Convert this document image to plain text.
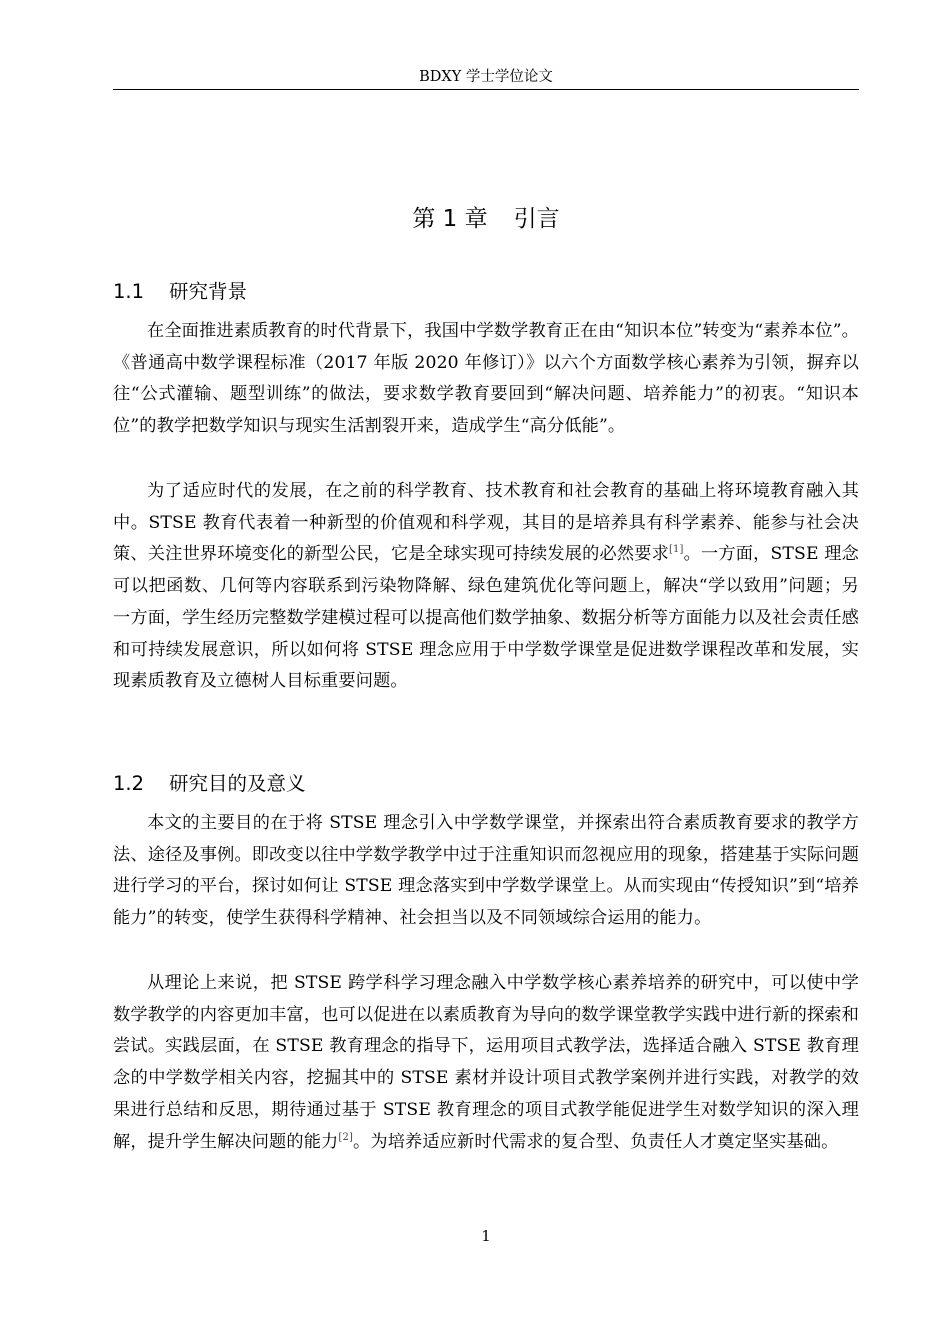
BDXY 学士学位论文
第 1 章 引言
1.1 研究背景

在全面推进素质教育的时代背景下，我国中学数学教育正在由“知识本位”转变为“素养本位”。《普通高中数学课程标准（2017 年版 2020 年修订）》以六个方面数学核心素养为引领，摒弃以往“公式灌输、题型训练”的做法，要求数学教育要回到“解决问题、培养能力”的初衷。“知识本位”的教学把数学知识与现实生活割裂开来，造成学生“高分低能”。

为了适应时代的发展，在之前的科学教育、技术教育和社会教育的基础上将环境教育融入其中。STSE 教育代表着一种新型的价值观和科学观，其目的是培养具有科学素养、能参与社会决策、关注世界环境变化的新型公民，它是全球实现可持续发展的必然要求[1]。一方面，STSE 理念可以把函数、几何等内容联系到污染物降解、绿色建筑优化等问题上，解决“学以致用”问题；另一方面，学生经历完整数学建模过程可以提高他们数学抽象、数据分析等方面能力以及社会责任感和可持续发展意识，所以如何将 STSE 理念应用于中学数学课堂是促进数学课程改革和发展，实现素质教育及立德树人目标重要问题。

1.2 研究目的及意义

本文的主要目的在于将 STSE 理念引入中学数学课堂，并探索出符合素质教育要求的教学方法、途径及事例。即改变以往中学数学教学中过于注重知识而忽视应用的现象，搭建基于实际问题进行学习的平台，探讨如何让 STSE 理念落实到中学数学课堂上。从而实现由“传授知识”到“培养能力”的转变，使学生获得科学精神、社会担当以及不同领域综合运用的能力。

从理论上来说，把 STSE 跨学科学习理念融入中学数学核心素养培养的研究中，可以使中学数学教学的内容更加丰富，也可以促进在以素质教育为导向的数学课堂教学实践中进行新的探索和尝试。实践层面，在 STSE 教育理念的指导下，运用项目式教学法，选择适合融入 STSE 教育理念的中学数学相关内容，挖掘其中的 STSE 素材并设计项目式教学案例并进行实践，对教学的效果进行总结和反思，期待通过基于 STSE 教育理念的项目式教学能促进学生对数学知识的深入理解，提升学生解决问题的能力[2]。为培养适应新时代需求的复合型、负责任人才奠定坚实基础。

1
